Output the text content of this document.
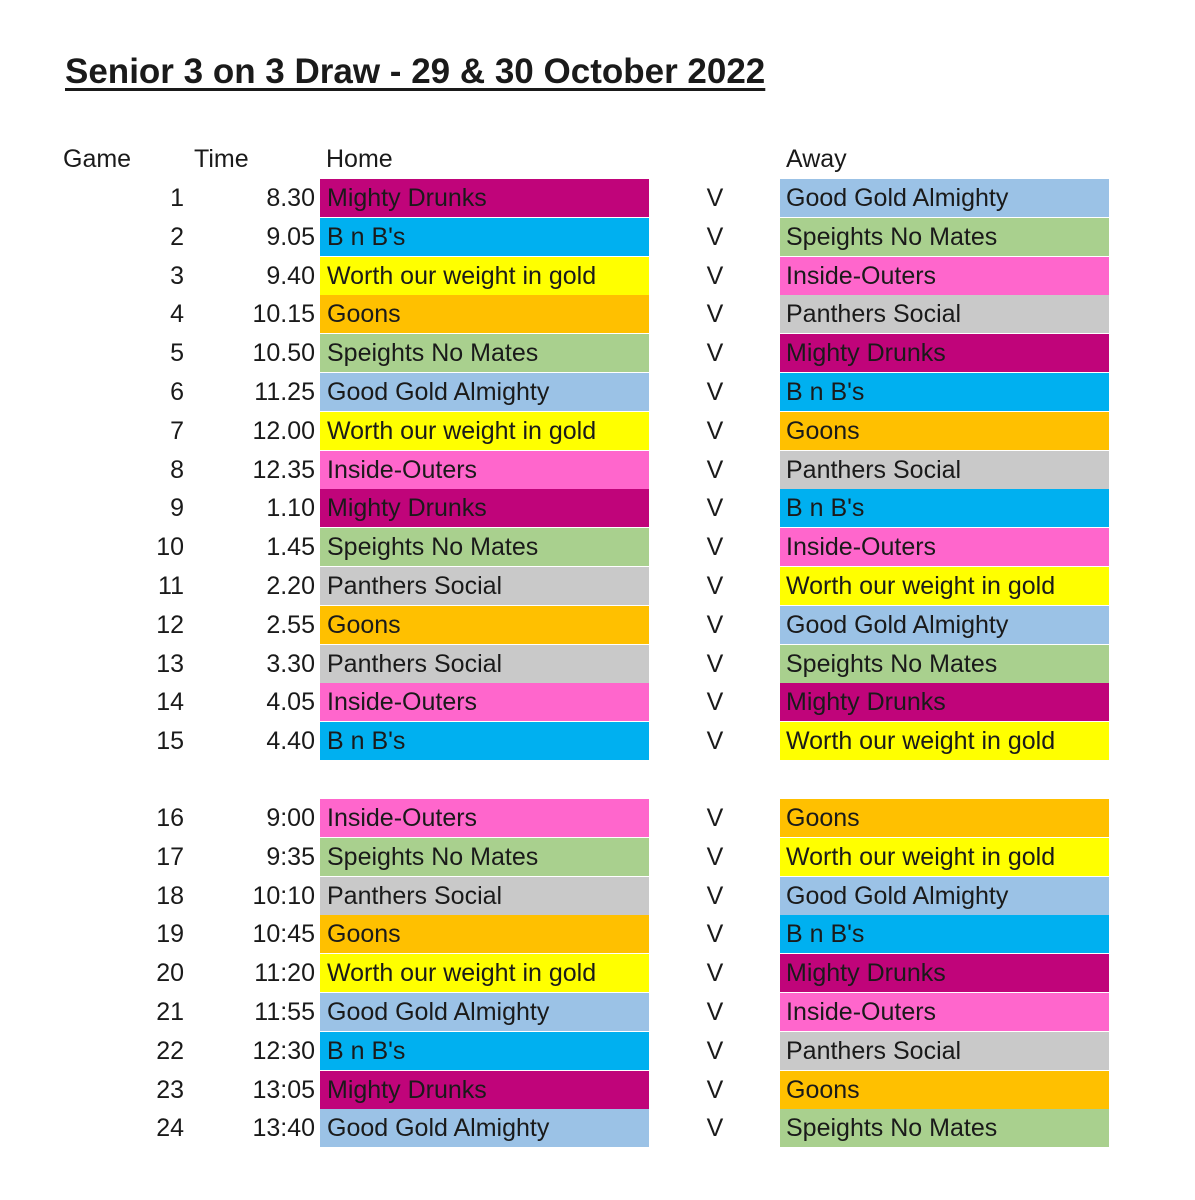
Senior 3 on 3 Draw - 29 & 30 October 2022
Game	Time	Home	Away
1	8.30 Mighty Drunks	V	Good Gold Almighty
2	9.05 B n B's	V	Speights No Mates
3	9.40 Worth our weight in gold	V	Inside-Outers
4	10.15 Goons	V	Panthers Social
5	10.50 Speights No Mates	V	Mighty Drunks
6	11.25 Good Gold Almighty	V	B n B's
7	12.00 Worth our weight in gold	V	Goons
8	12.35 Inside-Outers	V	Panthers Social
9	1.10 Mighty Drunks	V	B n B's
10	1.45 Speights No Mates	V	Inside-Outers
11	2.20 Panthers Social	V	Worth our weight in gold
12	2.55 Goons	V	Good Gold Almighty
13	3.30 Panthers Social	V	Speights No Mates
14	4.05 Inside-Outers	V	Mighty Drunks
15	4.40 B n B's	V	Worth our weight in gold
16	9:00 Inside-Outers	V	Goons
17	9:35 Speights No Mates	V	Worth our weight in gold
18	10:10 Panthers Social	V	Good Gold Almighty
19	10:45 Goons	V	B n B's
20	11:20 Worth our weight in gold	V	Mighty Drunks
21	11:55 Good Gold Almighty	V	Inside-Outers
22	12:30 B n B's	V	Panthers Social
23	13:05 Mighty Drunks	V	Goons
24	13:40 Good Gold Almighty	V	Speights No Mates
